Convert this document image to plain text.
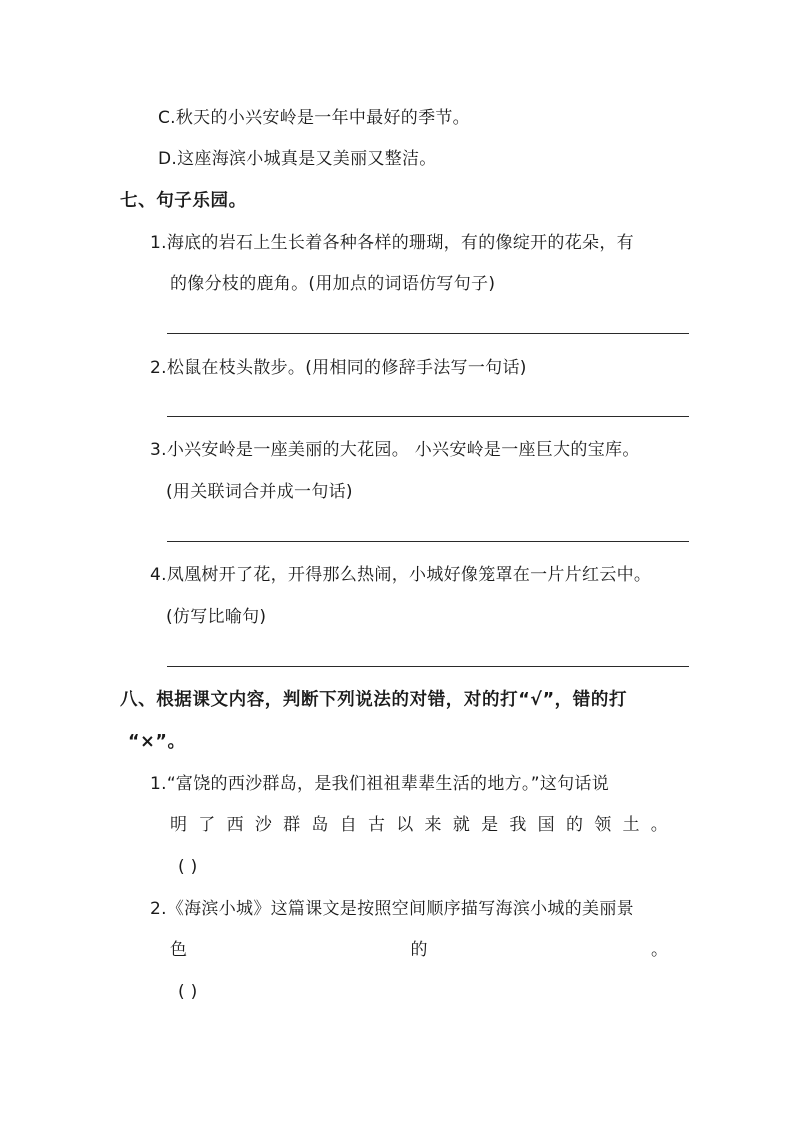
C.秋天的小兴安岭是一年中最好的季节。
D.这座海滨小城真是又美丽又整洁。
七、句子乐园。
1.海底的岩石上生长着各种各样的珊瑚，有的像绽开的花朵，有
的像分枝的鹿角。(用加点的词语仿写句子)
2.松鼠在枝头散步。(用相同的修辞手法写一句话)
3.小兴安岭是一座美丽的大花园。 小兴安岭是一座巨大的宝库。
(用关联词合并成一句话)
4.凤凰树开了花，开得那么热闹，小城好像笼罩在一片片红云中。
(仿写比喻句)
八、根据课文内容，判断下列说法的对错，对的打“√”，错的打
“×”。
1.“富饶的西沙群岛，是我们祖祖辈辈生活的地方。”这句话说
明 了 西 沙 群 岛 自 古 以 来 就 是 我 国 的 领 土 。
( )
2.《海滨小城》这篇课文是按照空间顺序描写海滨小城的美丽景
色	的	。
( )
